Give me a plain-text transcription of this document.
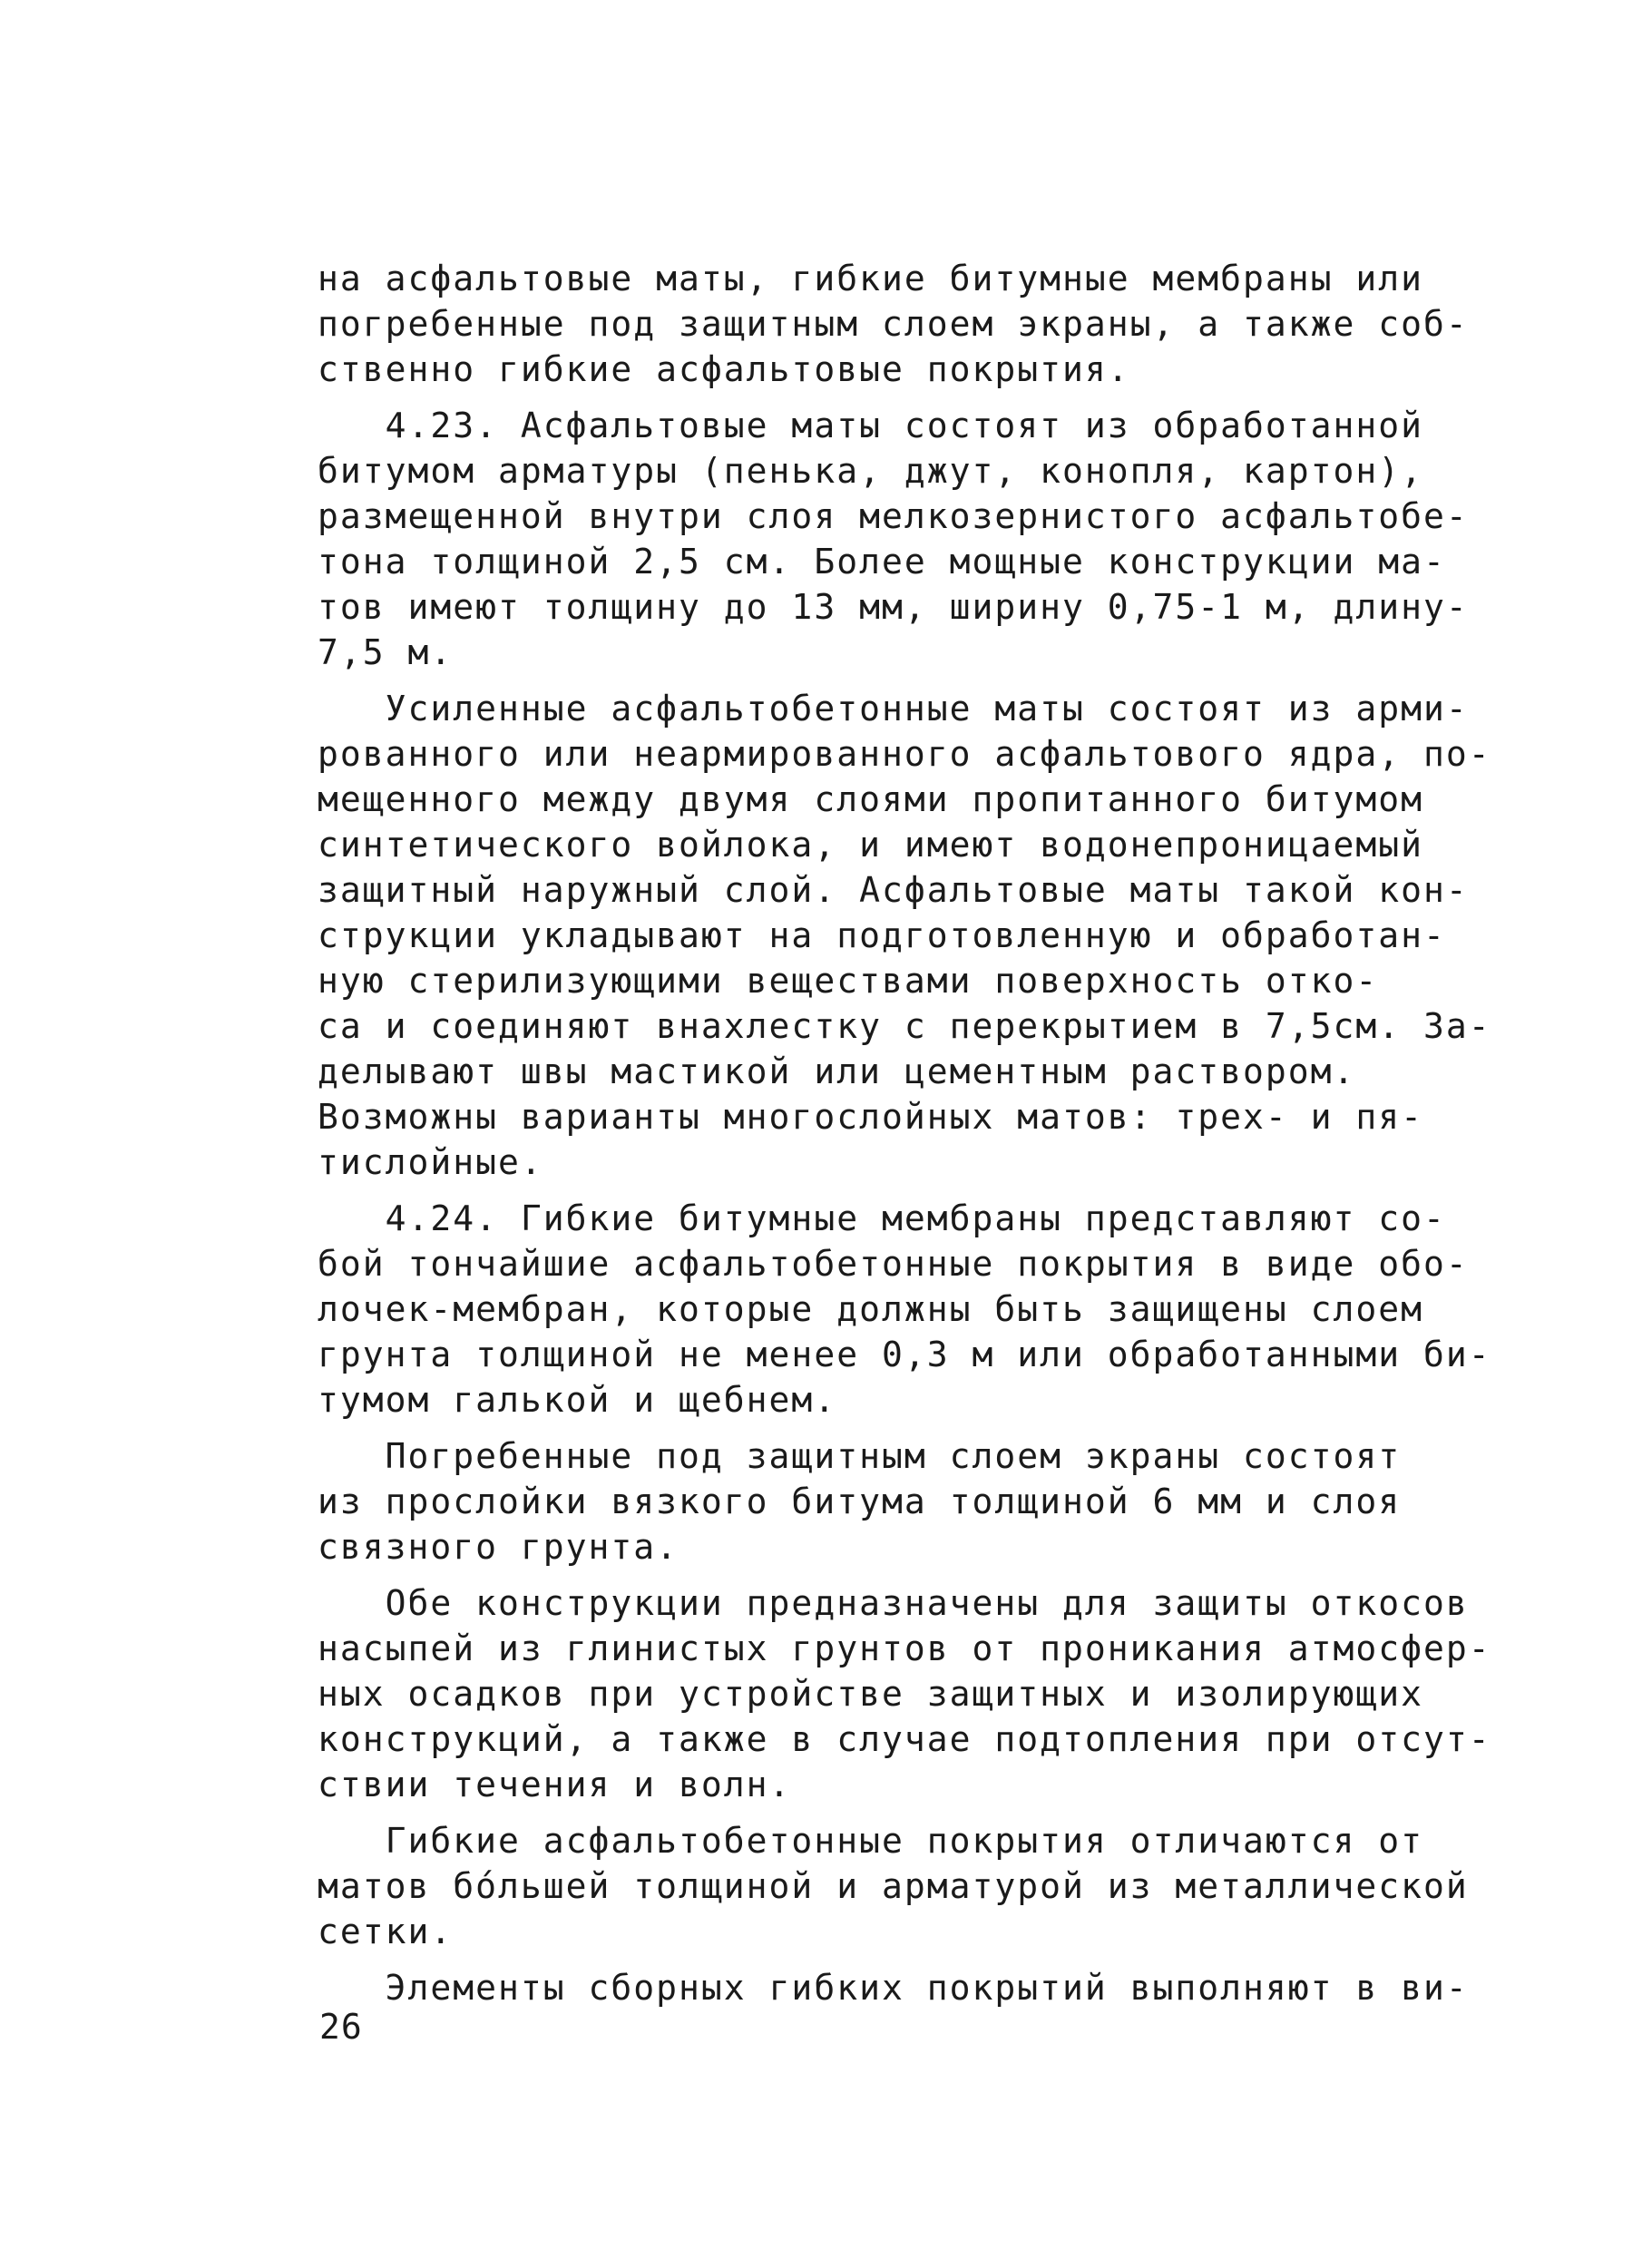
на асфальтовые маты, гибкие битумные мембраны или
погребенные под защитным слоем экраны, а также соб-
ственно гибкие асфальтовые покрытия.
4.23. Асфальтовые маты состоят из обработанной
битумом арматуры (пенька, джут, конопля, картон),
размещенной внутри слоя мелкозернистого асфальтобе-
тона толщиной 2,5 см. Более мощные конструкции ма-
тов имеют толщину до 13 мм, ширину 0,75-1 м, длину-
7,5 м.
Усиленные асфальтобетонные маты состоят из арми-
рованного или неармированного асфальтового ядра, по-
мещенного между двумя слоями пропитанного битумом
синтетического войлока, и имеют водонепроницаемый
защитный наружный слой. Асфальтовые маты такой кон-
струкции укладывают на подготовленную и обработан-
ную стерилизующими веществами поверхность отко-
са и соединяют внахлестку с перекрытием в 7,5см. За-
делывают швы мастикой или цементным раствором.
Возможны варианты многослойных матов: трех- и пя-
тислойные.
4.24. Гибкие битумные мембраны представляют со-
бой тончайшие асфальтобетонные покрытия в виде обо-
лочек-мембран, которые должны быть защищены слоем
грунта толщиной не менее 0,3 м или обработанными би-
тумом галькой и щебнем.
Погребенные под защитным слоем экраны состоят
из прослойки вязкого битума толщиной 6 мм и слоя
связного грунта.
Обе конструкции предназначены для защиты откосов
насыпей из глинистых грунтов от проникания атмосфер-
ных осадков при устройстве защитных и изолирующих
конструкций, а также в случае подтопления при отсут-
ствии течения и волн.
Гибкие асфальтобетонные покрытия отличаются от
матов бóльшей толщиной и арматурой из металлической
сетки.
Элементы сборных гибких покрытий выполняют в ви-
26
